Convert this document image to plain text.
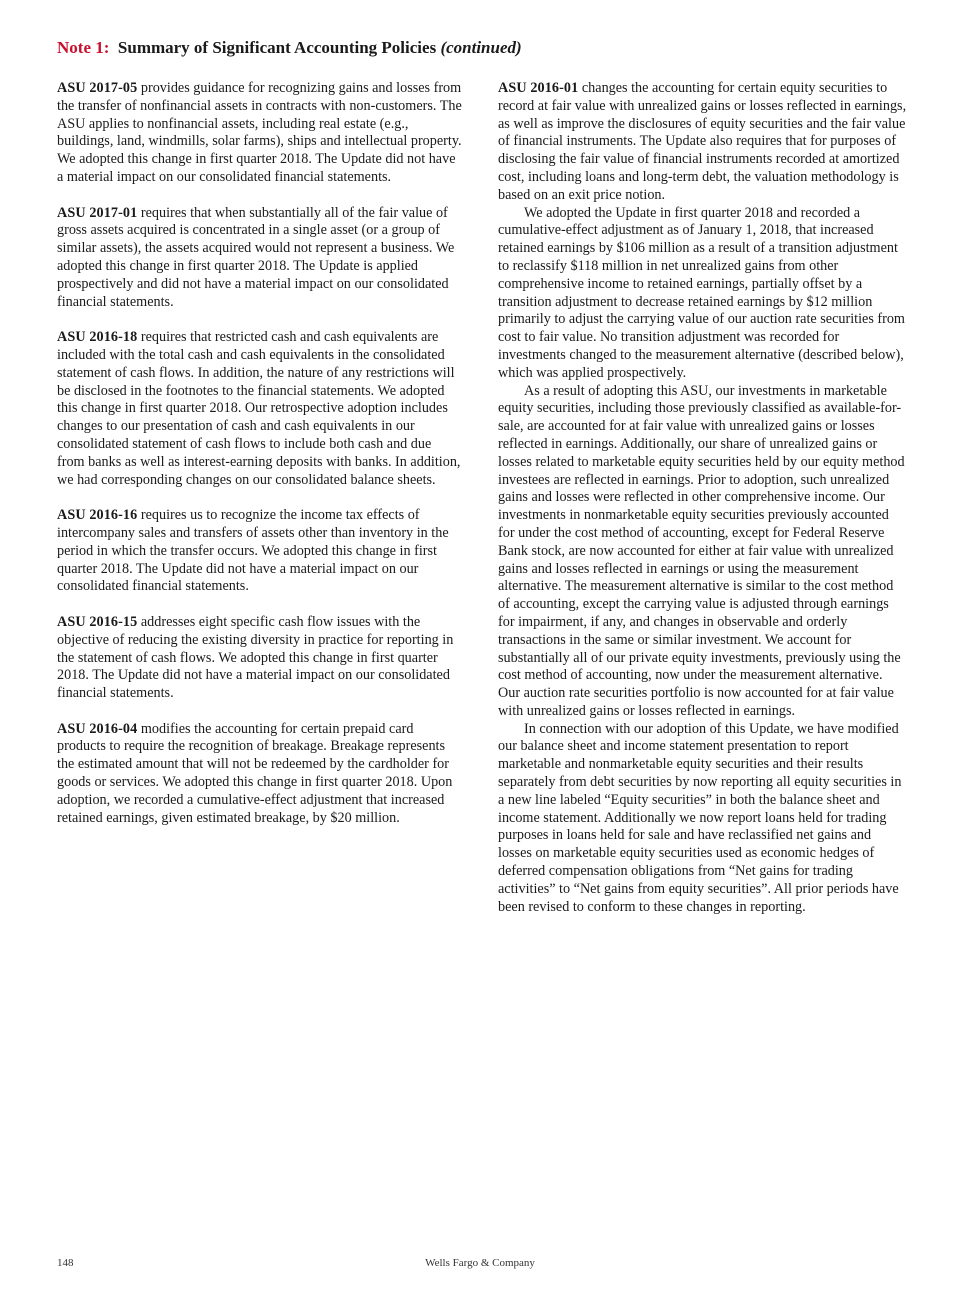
Note 1: Summary of Significant Accounting Policies (continued)

ASU 2017-05 provides guidance for recognizing gains and losses from the transfer of nonfinancial assets in contracts with non-customers. The ASU applies to nonfinancial assets, including real estate (e.g., buildings, land, windmills, solar farms), ships and intellectual property. We adopted this change in first quarter 2018. The Update did not have a material impact on our consolidated financial statements.

ASU 2017-01 requires that when substantially all of the fair value of gross assets acquired is concentrated in a single asset (or a group of similar assets), the assets acquired would not represent a business. We adopted this change in first quarter 2018. The Update is applied prospectively and did not have a material impact on our consolidated financial statements.

ASU 2016-18 requires that restricted cash and cash equivalents are included with the total cash and cash equivalents in the consolidated statement of cash flows. In addition, the nature of any restrictions will be disclosed in the footnotes to the financial statements. We adopted this change in first quarter 2018. Our retrospective adoption includes changes to our presentation of cash and cash equivalents in our consolidated statement of cash flows to include both cash and due from banks as well as interest-earning deposits with banks. In addition, we had corresponding changes on our consolidated balance sheets.

ASU 2016-16 requires us to recognize the income tax effects of intercompany sales and transfers of assets other than inventory in the period in which the transfer occurs. We adopted this change in first quarter 2018. The Update did not have a material impact on our consolidated financial statements.

ASU 2016-15 addresses eight specific cash flow issues with the objective of reducing the existing diversity in practice for reporting in the statement of cash flows. We adopted this change in first quarter 2018. The Update did not have a material impact on our consolidated financial statements.

ASU 2016-04 modifies the accounting for certain prepaid card products to require the recognition of breakage. Breakage represents the estimated amount that will not be redeemed by the cardholder for goods or services. We adopted this change in first quarter 2018. Upon adoption, we recorded a cumulative-effect adjustment that increased retained earnings, given estimated breakage, by $20 million.

ASU 2016-01 changes the accounting for certain equity securities to record at fair value with unrealized gains or losses reflected in earnings, as well as improve the disclosures of equity securities and the fair value of financial instruments. The Update also requires that for purposes of disclosing the fair value of financial instruments recorded at amortized cost, including loans and long-term debt, the valuation methodology is based on an exit price notion.

We adopted the Update in first quarter 2018 and recorded a cumulative-effect adjustment as of January 1, 2018, that increased retained earnings by $106 million as a result of a transition adjustment to reclassify $118 million in net unrealized gains from other comprehensive income to retained earnings, partially offset by a transition adjustment to decrease retained earnings by $12 million primarily to adjust the carrying value of our auction rate securities from cost to fair value. No transition adjustment was recorded for investments changed to the measurement alternative (described below), which was applied prospectively.

As a result of adopting this ASU, our investments in marketable equity securities, including those previously classified as available-for-sale, are accounted for at fair value with unrealized gains or losses reflected in earnings. Additionally, our share of unrealized gains or losses related to marketable equity securities held by our equity method investees are reflected in earnings. Prior to adoption, such unrealized gains and losses were reflected in other comprehensive income. Our investments in nonmarketable equity securities previously accounted for under the cost method of accounting, except for Federal Reserve Bank stock, are now accounted for either at fair value with unrealized gains and losses reflected in earnings or using the measurement alternative. The measurement alternative is similar to the cost method of accounting, except the carrying value is adjusted through earnings for impairment, if any, and changes in observable and orderly transactions in the same or similar investment. We account for substantially all of our private equity investments, previously using the cost method of accounting, now under the measurement alternative. Our auction rate securities portfolio is now accounted for at fair value with unrealized gains or losses reflected in earnings.

In connection with our adoption of this Update, we have modified our balance sheet and income statement presentation to report marketable and nonmarketable equity securities and their results separately from debt securities by now reporting all equity securities in a new line labeled “Equity securities” in both the balance sheet and income statement. Additionally we now report loans held for trading purposes in loans held for sale and have reclassified net gains and losses on marketable equity securities used as economic hedges of deferred compensation obligations from “Net gains for trading activities” to “Net gains from equity securities”. All prior periods have been revised to conform to these changes in reporting.

148	Wells Fargo & Company
